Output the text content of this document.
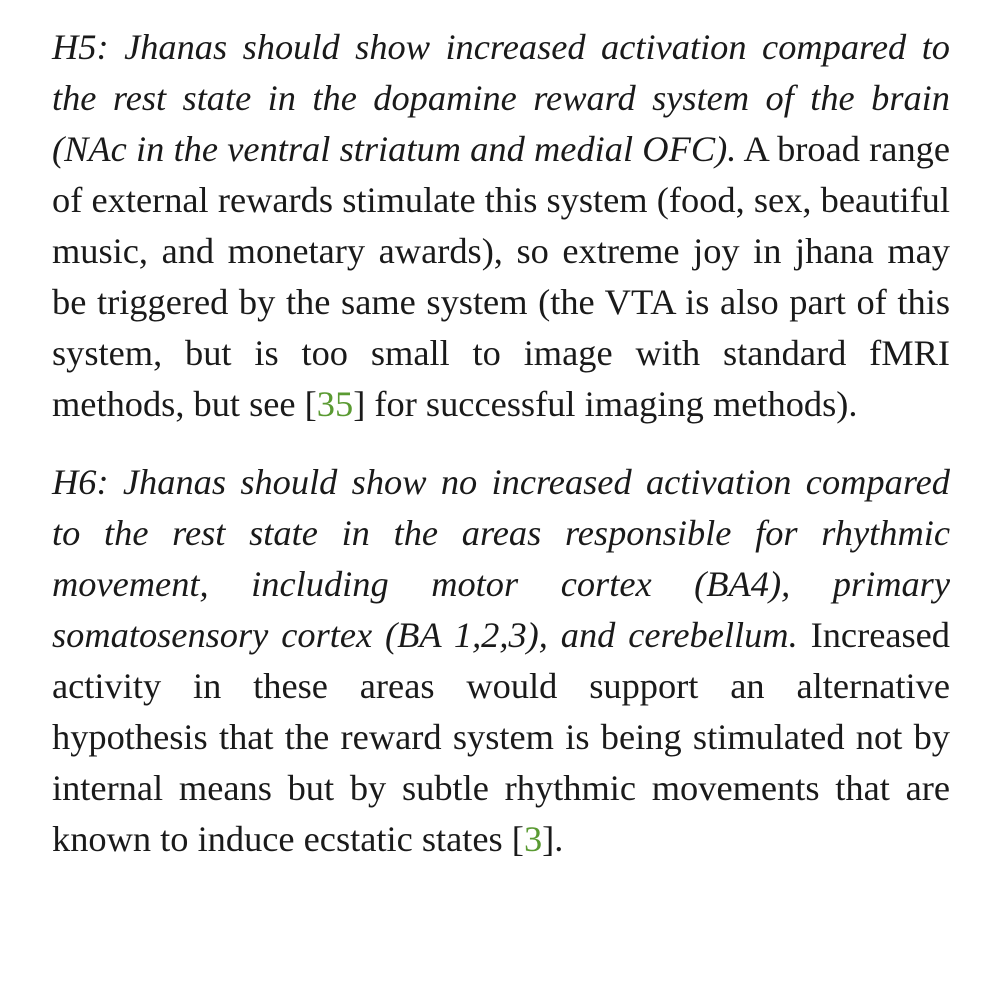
H5: Jhanas should show increased activation compared to the rest state in the dopamine reward system of the brain (NAc in the ventral striatum and medial OFC). A broad range of external rewards stimulate this system (food, sex, beautiful music, and monetary awards), so extreme joy in jhana may be triggered by the same system (the VTA is also part of this system, but is too small to image with standard fMRI methods, but see [35] for successful imaging methods).

H6: Jhanas should show no increased activation compared to the rest state in the areas responsible for rhythmic movement, including motor cortex (BA4), primary somatosensory cortex (BA 1,2,3), and cerebellum. Increased activity in these areas would support an alternative hypothesis that the reward system is being stimulated not by internal means but by subtle rhythmic movements that are known to induce ecstatic states [3].
